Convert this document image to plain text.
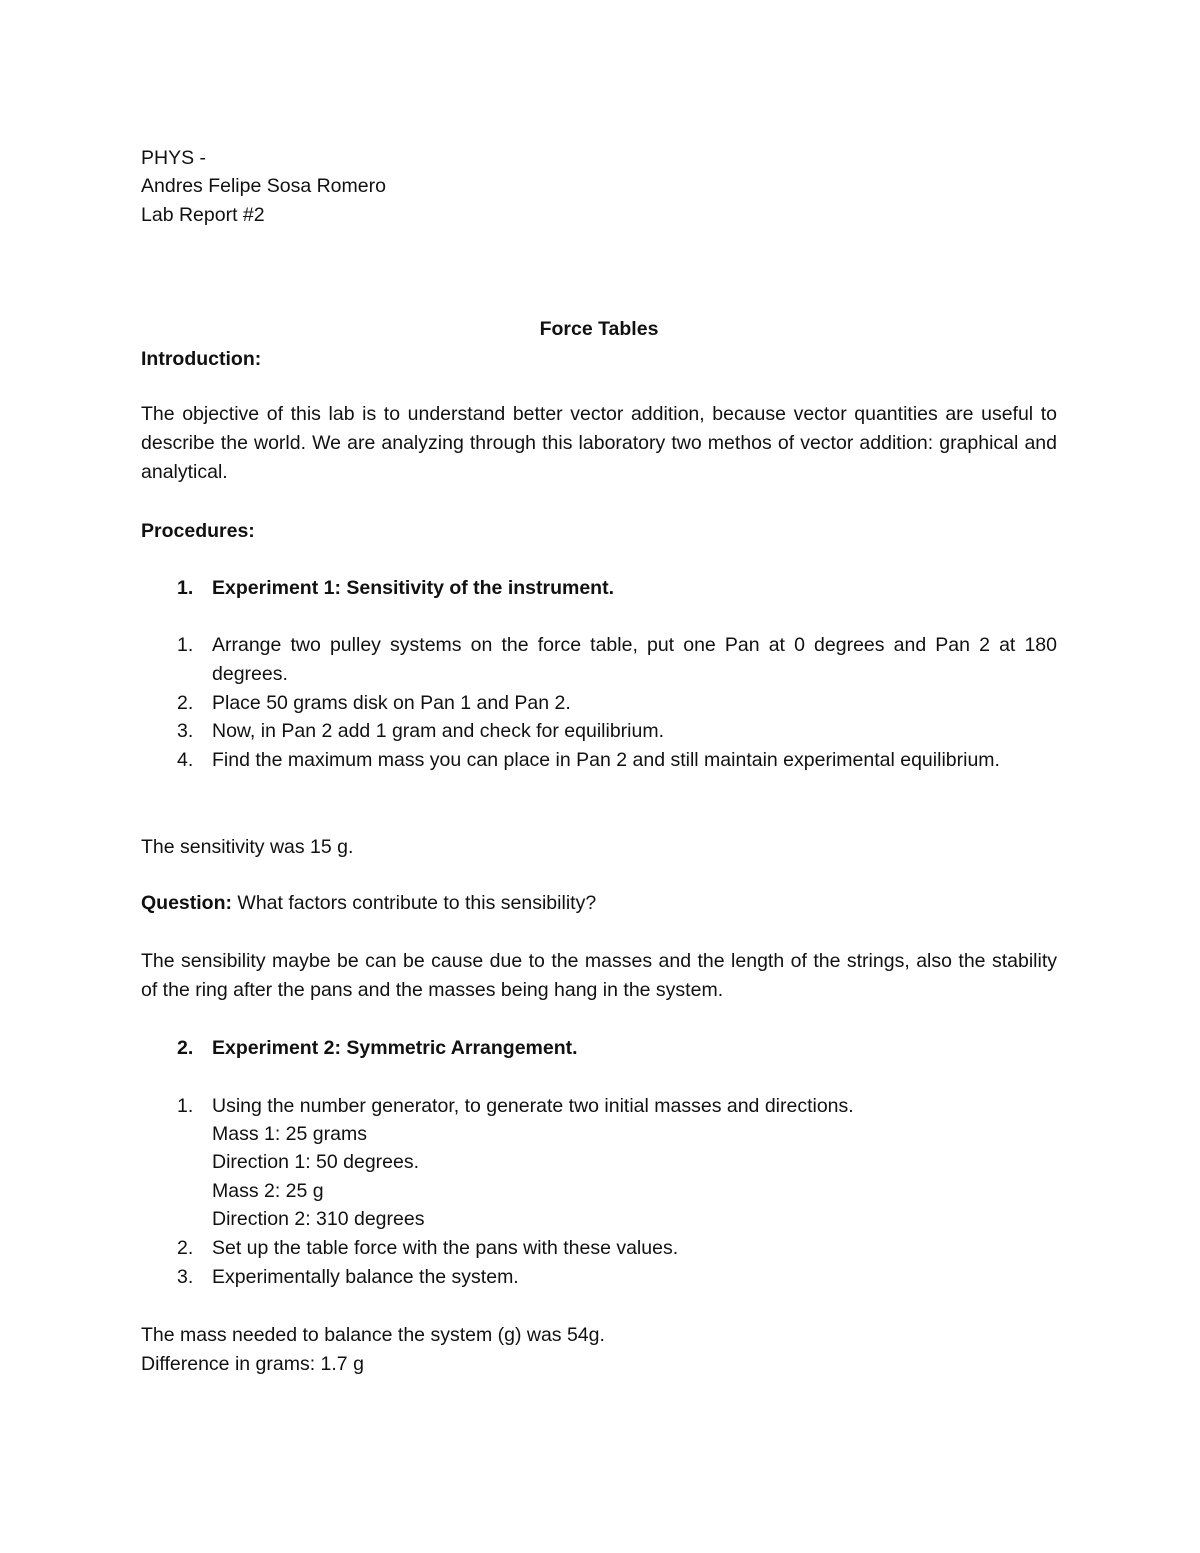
PHYS -
Andres Felipe Sosa Romero
Lab Report #2
Force Tables
Introduction:
The objective of this lab is to understand better vector addition, because vector quantities are useful to describe the world. We are analyzing through this laboratory two methos of vector addition: graphical and analytical.
Procedures:
1. Experiment 1: Sensitivity of the instrument.
1. Arrange two pulley systems on the force table, put one Pan at 0 degrees and Pan 2 at 180 degrees.
2. Place 50 grams disk on Pan 1 and Pan 2.
3. Now, in Pan 2 add 1 gram and check for equilibrium.
4. Find the maximum mass you can place in Pan 2 and still maintain experimental equilibrium.
The sensitivity was 15 g.
Question: What factors contribute to this sensibility?
The sensibility maybe be can be cause due to the masses and the length of the strings, also the stability of the ring after the pans and the masses being hang in the system.
2. Experiment 2: Symmetric Arrangement.
1. Using the number generator, to generate two initial masses and directions.
Mass 1: 25 grams
Direction 1: 50 degrees.
Mass 2: 25 g
Direction 2: 310 degrees
2. Set up the table force with the pans with these values.
3. Experimentally balance the system.
The mass needed to balance the system (g) was 54g.
Difference in grams: 1.7 g
